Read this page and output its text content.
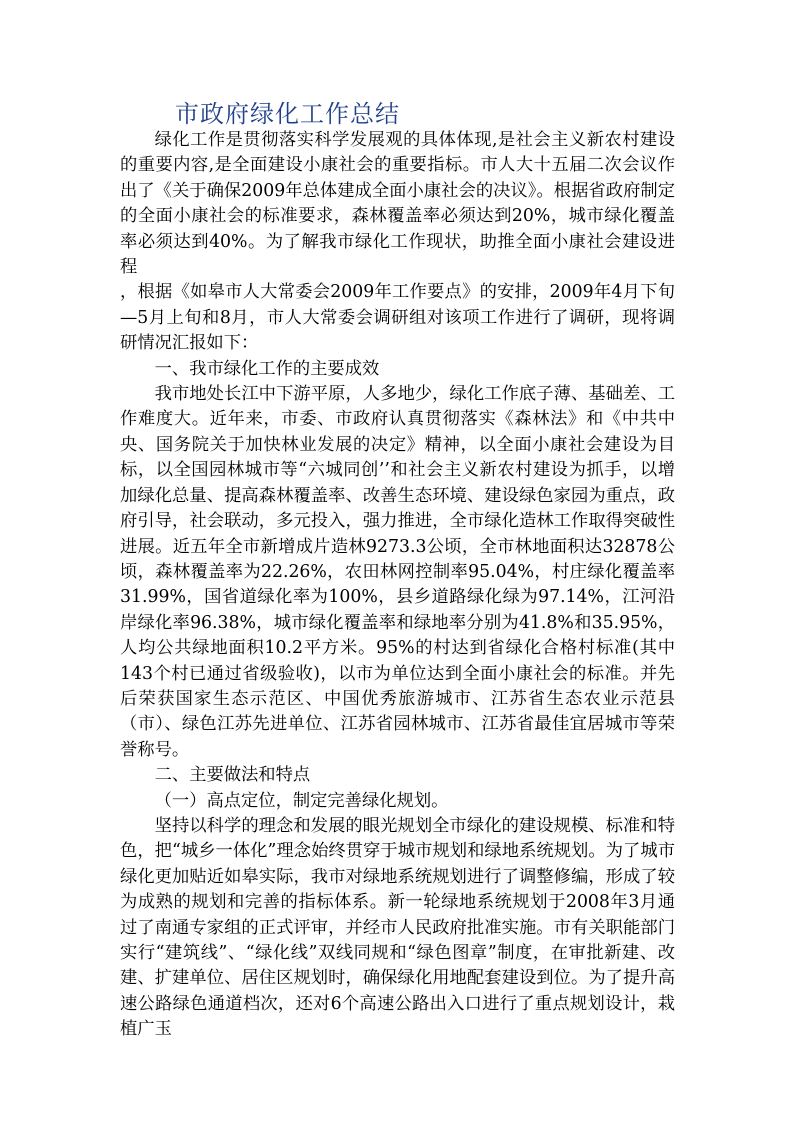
市政府绿化工作总结

绿化工作是贯彻落实科学发展观的具体体现,是社会主义新农村建设的重要内容,是全面建设小康社会的重要指标。市人大十五届二次会议作出了《关于确保2009年总体建成全面小康社会的决议》。根据省政府制定的全面小康社会的标准要求，森林覆盖率必须达到20%，城市绿化覆盖率必须达到40%。为了解我市绿化工作现状，助推全面小康社会建设进程

，根据《如皋市人大常委会2009年工作要点》的安排，2009年4月下旬—5月上旬和8月，市人大常委会调研组对该项工作进行了调研，现将调研情况汇报如下：

一、我市绿化工作的主要成效

我市地处长江中下游平原，人多地少，绿化工作底子薄、基础差、工作难度大。近年来，市委、市政府认真贯彻落实《森林法》和《中共中央、国务院关于加快林业发展的决定》精神，以全面小康社会建设为目标，以全国园林城市等“六城同创’’和社会主义新农村建设为抓手，以增加绿化总量、提高森林覆盖率、改善生态环境、建设绿色家园为重点，政府引导，社会联动，多元投入，强力推进，全市绿化造林工作取得突破性进展。近五年全市新增成片造林9273.3公顷，全市林地面积达32878公顷，森林覆盖率为22.26%，农田林网控制率95.04%，村庄绿化覆盖率31.99%，国省道绿化率为100%，县乡道路绿化绿为97.14%，江河沿岸绿化率96.38%，城市绿化覆盖率和绿地率分别为41.8%和35.95%，人均公共绿地面积10.2平方米。95%的村达到省绿化合格村标准(其中143个村已通过省级验收)，以市为单位达到全面小康社会的标准。并先后荣获国家生态示范区、中国优秀旅游城市、江苏省生态农业示范县（市）、绿色江苏先进单位、江苏省园林城市、江苏省最佳宜居城市等荣誉称号。

二、主要做法和特点

（一）高点定位，制定完善绿化规划。

坚持以科学的理念和发展的眼光规划全市绿化的建设规模、标准和特色，把“城乡一体化”理念始终贯穿于城市规划和绿地系统规划。为了城市绿化更加贴近如皋实际，我市对绿地系统规划进行了调整修编，形成了较为成熟的规划和完善的指标体系。新一轮绿地系统规划于2008年3月通过了南通专家组的正式评审，并经市人民政府批准实施。市有关职能部门实行“建筑线”、“绿化线”双线同规和“绿色图章”制度，在审批新建、改建、扩建单位、居住区规划时，确保绿化用地配套建设到位。为了提升高速公路绿色通道档次，还对6个高速公路出入口进行了重点规划设计，栽植广玉
